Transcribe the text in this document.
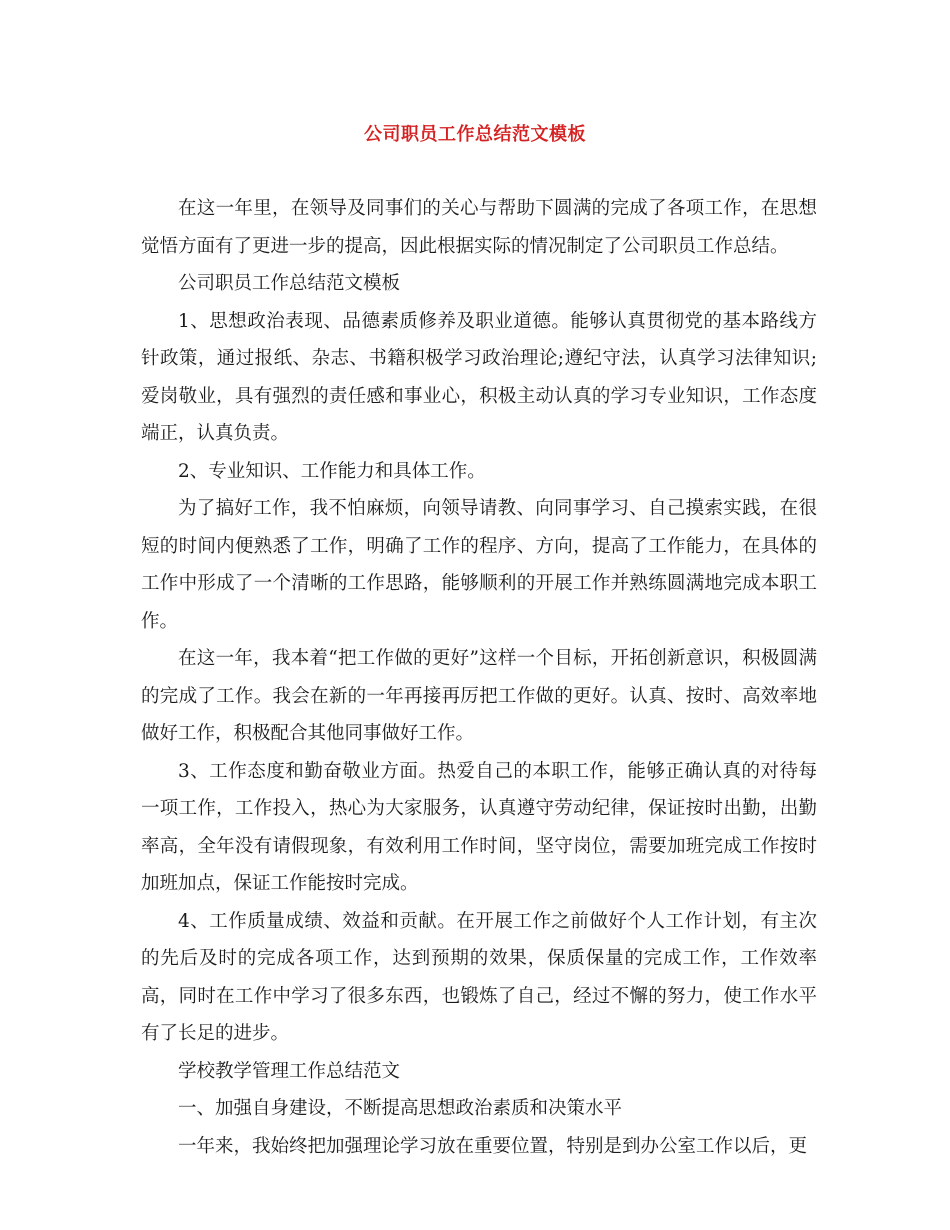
公司职员工作总结范文模板

在这一年里，在领导及同事们的关心与帮助下圆满的完成了各项工作，在思想觉悟方面有了更进一步的提高，因此根据实际的情况制定了公司职员工作总结。

公司职员工作总结范文模板

1、思想政治表现、品德素质修养及职业道德。能够认真贯彻党的基本路线方针政策，通过报纸、杂志、书籍积极学习政治理论;遵纪守法，认真学习法律知识;爱岗敬业，具有强烈的责任感和事业心，积极主动认真的学习专业知识，工作态度端正，认真负责。

2、专业知识、工作能力和具体工作。

为了搞好工作，我不怕麻烦，向领导请教、向同事学习、自己摸索实践，在很短的时间内便熟悉了工作，明确了工作的程序、方向，提高了工作能力，在具体的工作中形成了一个清晰的工作思路，能够顺利的开展工作并熟练圆满地完成本职工作。

在这一年，我本着“把工作做的更好”这样一个目标，开拓创新意识，积极圆满的完成了工作。我会在新的一年再接再厉把工作做的更好。认真、按时、高效率地做好工作，积极配合其他同事做好工作。

3、工作态度和勤奋敬业方面。热爱自己的本职工作，能够正确认真的对待每一项工作，工作投入，热心为大家服务，认真遵守劳动纪律，保证按时出勤，出勤率高，全年没有请假现象，有效利用工作时间，坚守岗位，需要加班完成工作按时加班加点，保证工作能按时完成。

4、工作质量成绩、效益和贡献。在开展工作之前做好个人工作计划，有主次的先后及时的完成各项工作，达到预期的效果，保质保量的完成工作，工作效率高，同时在工作中学习了很多东西，也锻炼了自己，经过不懈的努力，使工作水平有了长足的进步。

学校教学管理工作总结范文

一、加强自身建设，不断提高思想政治素质和决策水平

一年来，我始终把加强理论学习放在重要位置，特别是到办公室工作以后，更
